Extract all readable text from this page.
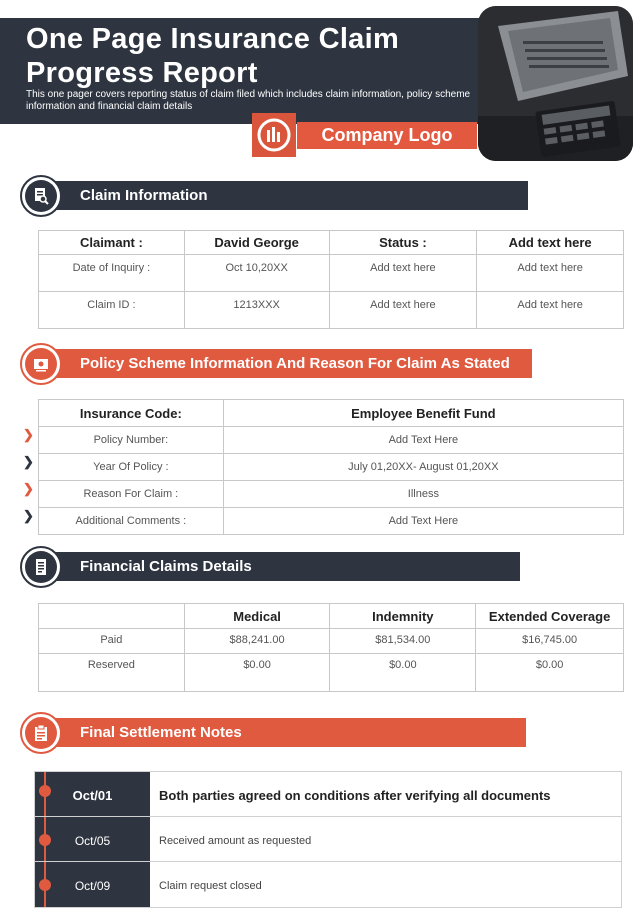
One Page Insurance Claim Progress Report
This one pager covers reporting status of claim filed which includes claim information, policy scheme information and financial claim details
Company Logo
Claim Information
Claimant :	David George	Status :	Add text here
Date of Inquiry :	Oct 10,20XX	Add text here	Add text here
Claim ID :	1213XXX	Add text here	Add text here
Policy Scheme Information And Reason For Claim As Stated
Insurance Code:	Employee Benefit Fund
Policy Number:	Add Text Here
Year Of Policy :	July 01,20XX- August 01,20XX
Reason For Claim :	Illness
Additional Comments :	Add Text Here
❯
❯
❯
❯
Financial Claims Details
	Medical	Indemnity	Extended Coverage
Paid	$88,241.00	$81,534.00	$16,745.00
Reserved	$0.00	$0.00	$0.00
Final Settlement Notes
Oct/01	Both parties agreed on conditions after verifying all documents
Oct/05	Received amount as requested
Oct/09	Claim request closed
